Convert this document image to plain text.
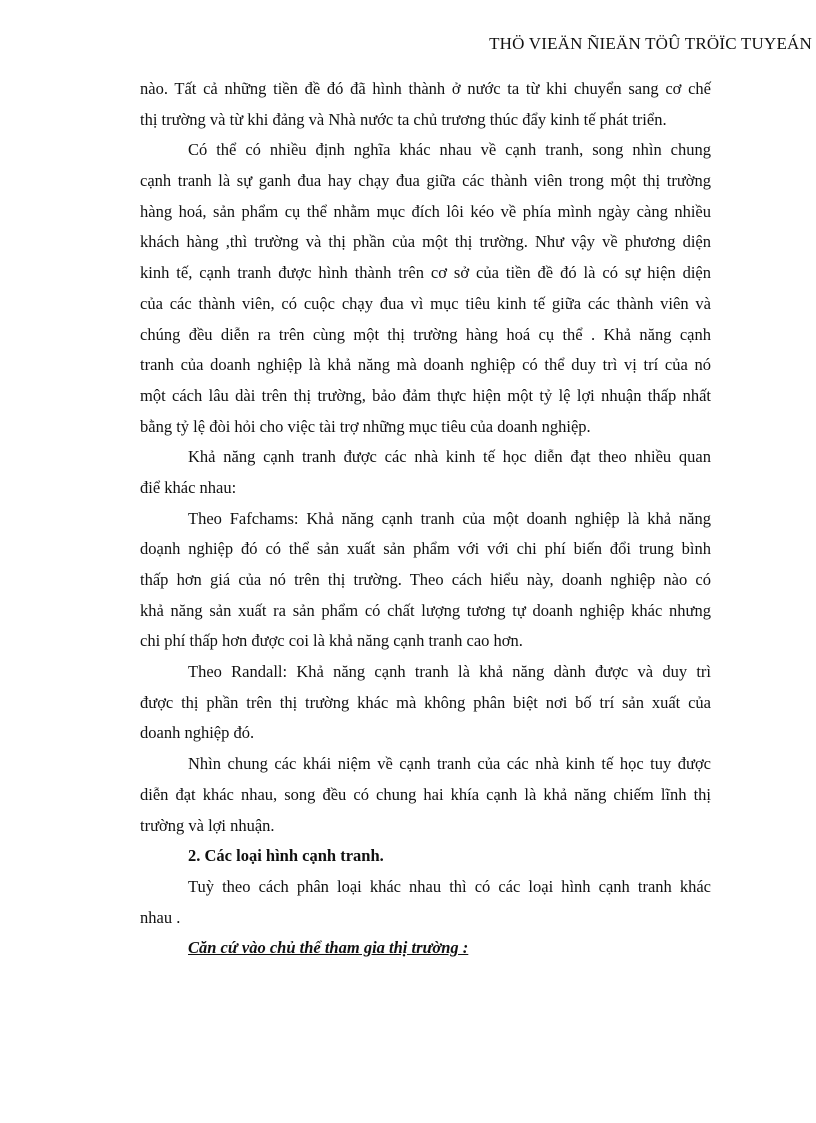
THÖ VIEÄN ÑIEÄN TÖÛ TRÖÏC TUYEÁN
nào. Tất cả những tiền đề đó đã hình thành ở nước ta từ khi chuyển sang cơ chế
thị trường và từ khi đảng và Nhà nước ta chủ trương thúc đẩy kinh tế phát triển.
Có thể có nhiều định nghĩa khác nhau về cạnh tranh, song nhìn chung
cạnh tranh là sự ganh đua hay chạy đua giữa các thành viên trong một thị trường
hàng hoá, sản phẩm cụ thể nhằm mục đích lôi kéo về phía mình ngày càng nhiều
khách hàng ,thì trường và thị phần của một thị trường. Như vậy về phương diện
kinh tế, cạnh tranh được hình thành trên cơ sở của tiền đề đó là có sự hiện diện
của các thành viên, có cuộc chạy đua vì mục tiêu kinh tế giữa các thành viên và
chúng đều diễn ra trên cùng một thị trường hàng hoá cụ thể . Khả năng cạnh
tranh của doanh nghiệp là khả năng mà doanh nghiệp có thể duy trì vị trí của nó
một cách lâu dài trên thị trường, bảo đảm thực hiện một tỷ lệ lợi nhuận thấp nhất
bằng tỷ lệ đòi hỏi cho việc tài trợ những mục tiêu của doanh nghiệp.
Khả năng cạnh tranh được các nhà kinh tế học diễn đạt theo nhiều quan
điể khác nhau:
Theo Fafchams: Khả năng cạnh tranh của một doanh nghiệp là khả năng
doạnh nghiệp đó có thể sản xuất sản phẩm với với chi phí biến đổi trung bình
thấp hơn giá của nó trên thị trường. Theo cách hiểu này, doanh nghiệp nào có
khả năng sản xuất ra sản phẩm có chất lượng tương tự doanh nghiệp khác nhưng
chi phí thấp hơn được coi là khả năng cạnh tranh cao hơn.
Theo Randall: Khả năng cạnh tranh là khả năng dành được và duy trì
được thị phần trên thị trường khác mà không phân biệt nơi bố trí sản xuất của
doanh nghiệp đó.
Nhìn chung các khái niệm về cạnh tranh của các nhà kinh tế học tuy được
diễn đạt khác nhau, song đều có chung hai khía cạnh là khả năng chiếm lĩnh thị
trường và lợi nhuận.
2. Các loại hình cạnh tranh.
Tuỳ theo cách phân loại khác nhau thì có các loại hình cạnh tranh khác
nhau .
Căn cứ vào chủ thể tham gia thị trường :
